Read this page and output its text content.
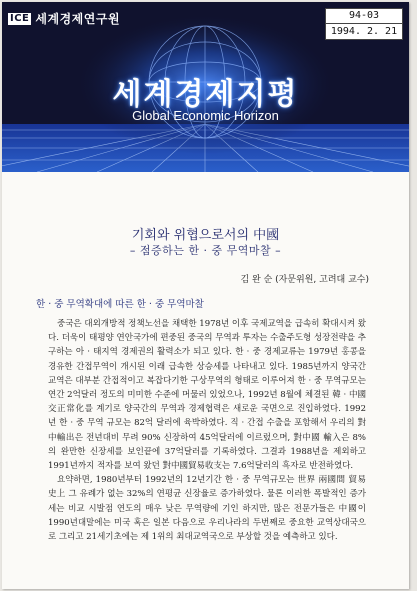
ICE 세계경제연구원	94-03
1994. 2. 21
세계경제지평
Global Economic Horizon
기회와 위협으로서의 中國
– 점증하는 한 · 중 무역마찰 –
김 완 순 (자문위원, 고려대 교수)
한 · 중 무역확대에 따른 한 · 중 무역마찰

중국은 대외개방적 정책노선을 채택한 1978년 이후 국제교역을 급속히 확대시켜 왔다. 더욱이 태평양 연안국가에 편중된 중국의 무역과 투자는 수출주도형 성장전략을 추구하는 아 · 태지역 경제권의 활력소가 되고 있다. 한 · 중 경제교류는 1979년 홍콩을 경유한 간접무역이 개시된 이래 급속한 상승세를 나타내고 있다. 1985년까지 양국간 교역은 대부분 간접적이고 복잡다기한 구상무역의 형태로 이루어져 한 · 중 무역규모는 연간 2억달러 정도의 미미한 수준에 머물러 있었으나, 1992년 8월에 체결된 韓 · 中國交正常化를 계기로 양국간의 무역과 경제협력은 새로운 국면으로 진입하였다. 1992년 한 · 중 무역 규모는 82억 달러에 육박하였다. 직 · 간접 수출을 포함해서 우리의 對中輸出은 전년대비 무려 90% 신장하여 45억달러에 이르렀으며, 對中國 輸入은 8%의 완만한 신장세를 보인끝에 37억달러를 기록하였다. 그결과 1988년을 제외하고 1991년까지 적자를 보여 왔던 對中國貿易收支는 7.6억달러의 흑자로 반전하였다.

요약하면, 1980년부터 1992년의 12년기간 한 · 중 무역규모는 世界 兩國間 貿易史上 그 유례가 없는 32%의 연평균 신장율로 증가하였다. 물론 이러한 폭발적인 증가세는 비교 시발점 연도의 매우 낮은 무역량에 기인 하지만, 많은 전문가들은 中國이 1990년대말에는 미국 혹은 일본 다음으로 우리나라의 두번째로 중요한 교역상대국으로 그리고 21세기초에는 제 1위의 최대교역국으로 부상할 것을 예측하고 있다.
